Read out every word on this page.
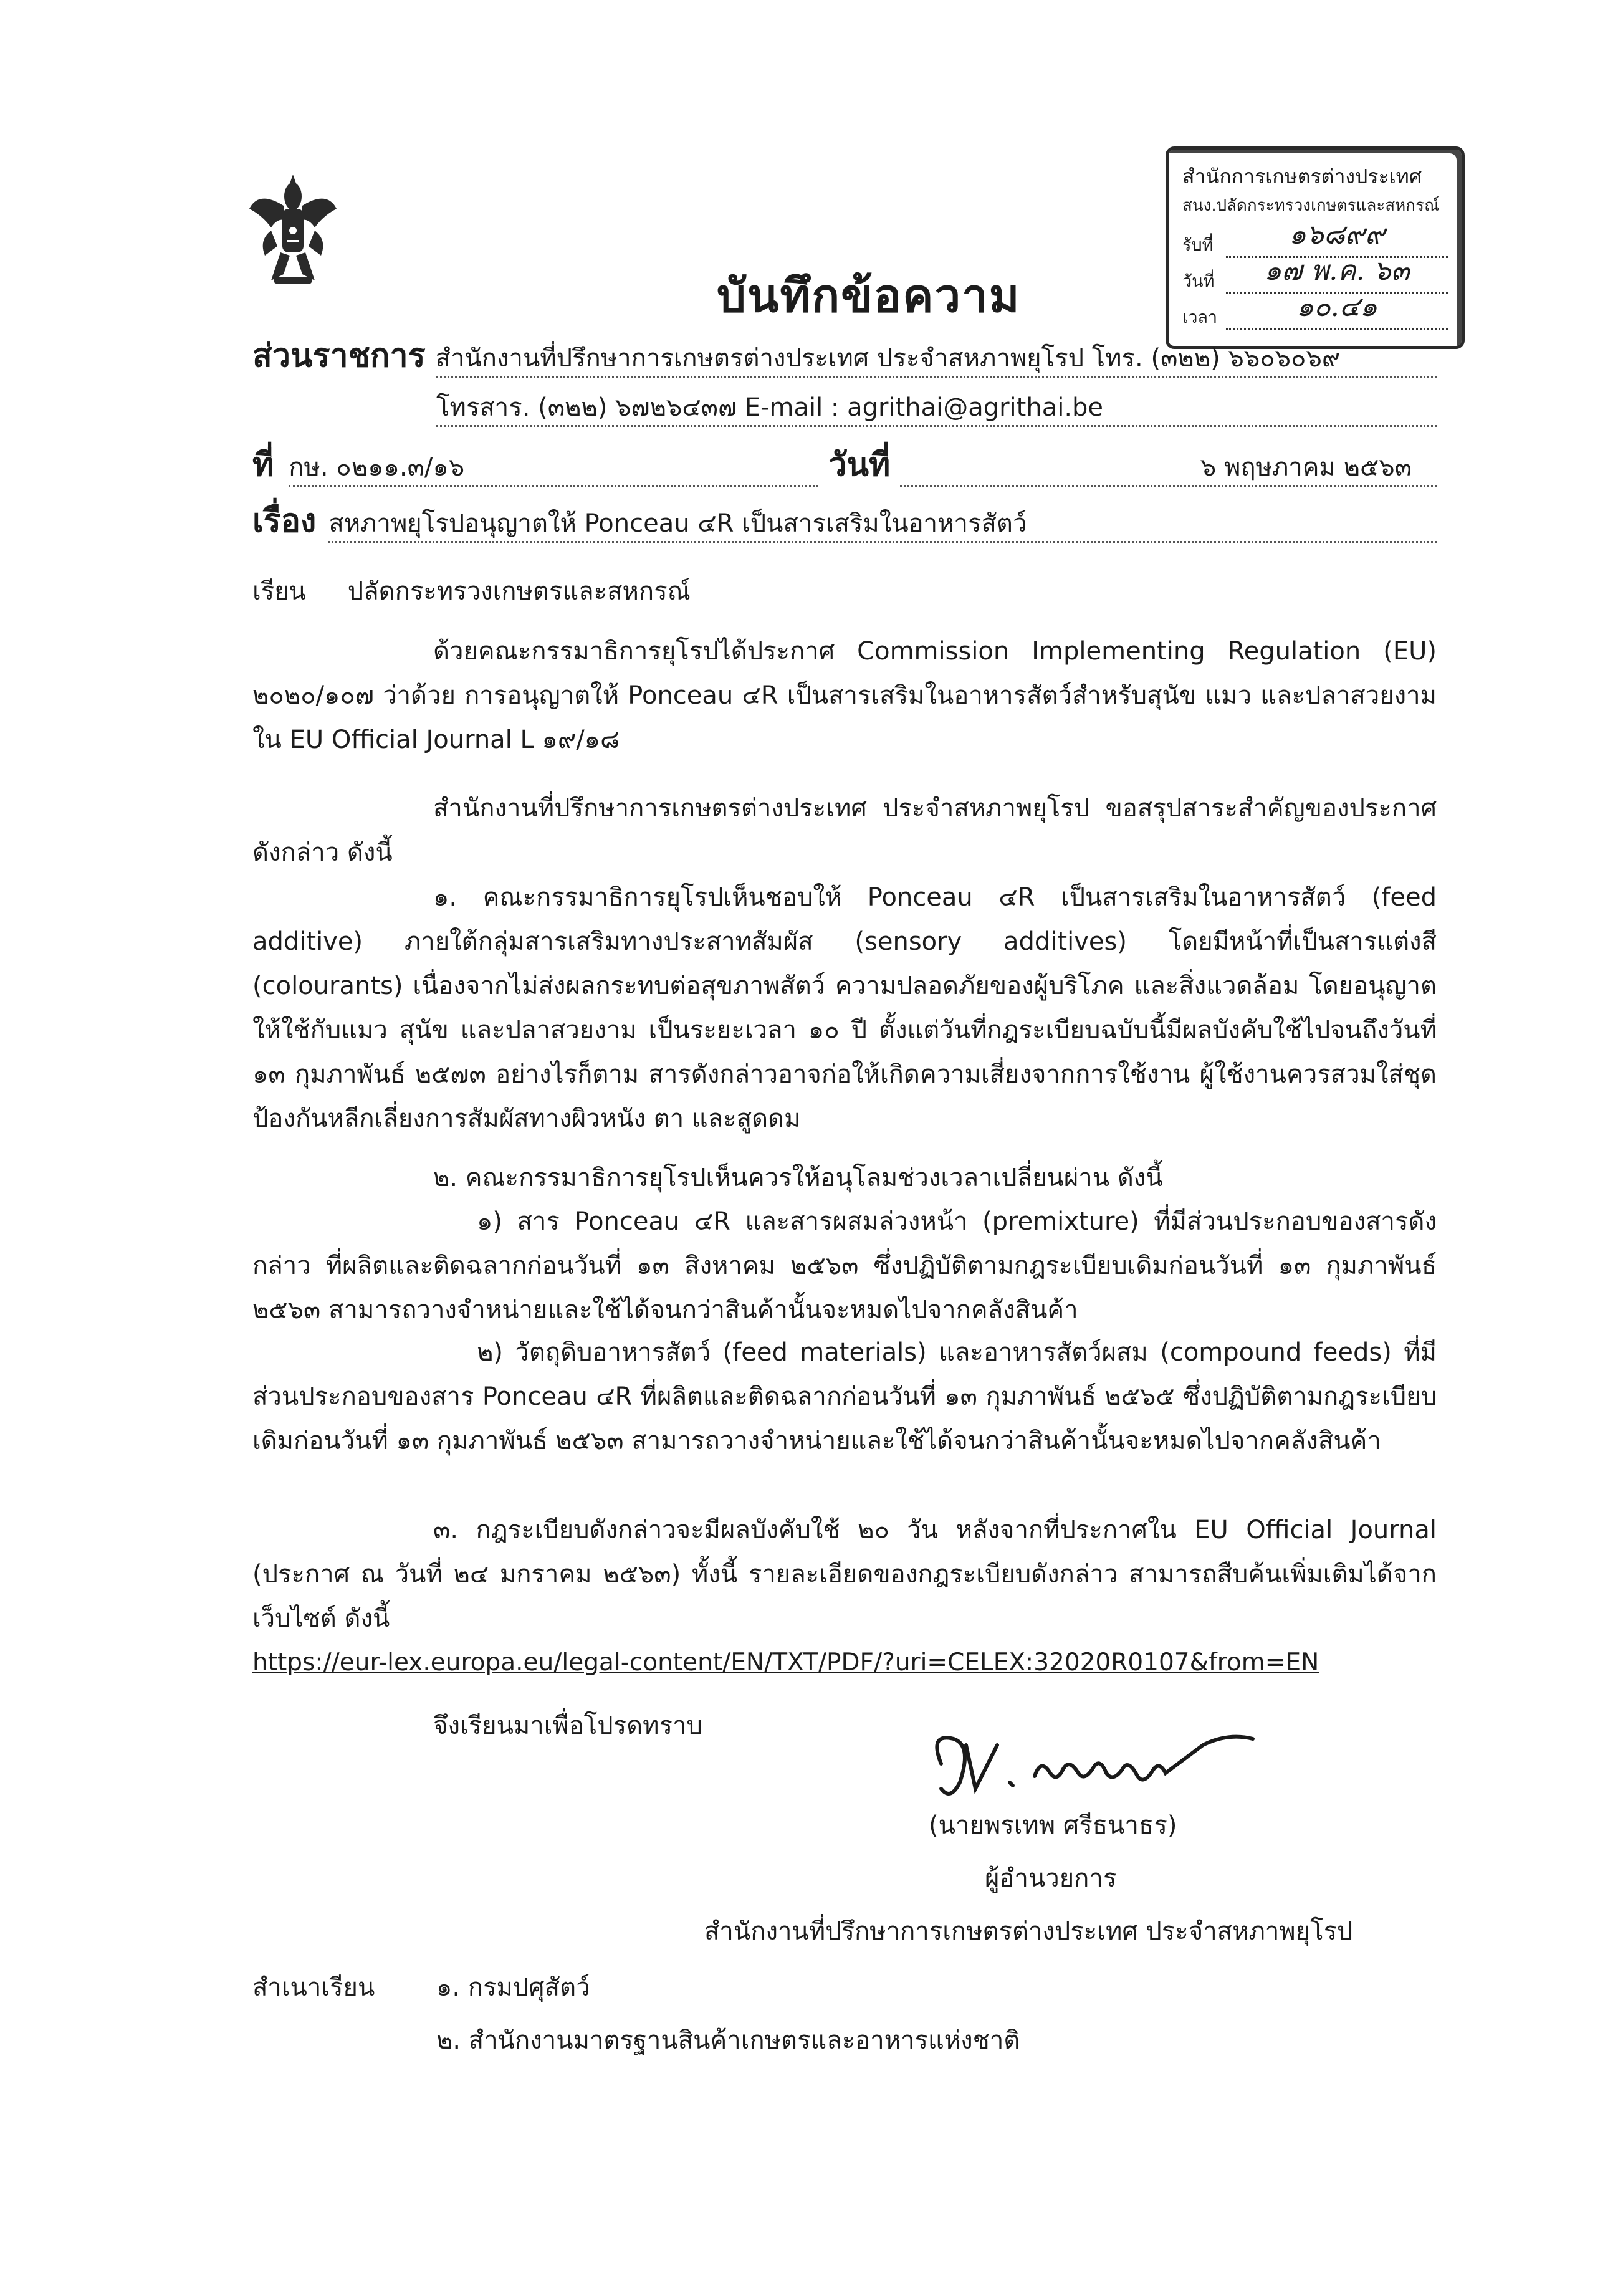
สำนักการเกษตรต่างประเทศ
สนง.ปลัดกระทรวงเกษตรและสหกรณ์
รับที่	๑๖๘๙๙
วันที่	๑๗ พ.ค. ๖๓
เวลา	๑๐.๔๑
บันทึกข้อความ
ส่วนราชการ สำนักงานที่ปรึกษาการเกษตรต่างประเทศ ประจำสหภาพยุโรป โทร. (๓๒๒) ๖๖๐๖๐๖๙
โทรสาร. (๓๒๒) ๖๗๒๖๔๓๗ E-mail : agrithai@agrithai.be
ที่ กษ. ๐๒๑๑.๓/๑๖	วันที่	๖ พฤษภาคม ๒๕๖๓
เรื่อง สหภาพยุโรปอนุญาตให้ Ponceau ๔R เป็นสารเสริมในอาหารสัตว์
เรียน ปลัดกระทรวงเกษตรและสหกรณ์
ด้วยคณะกรรมาธิการยุโรปได้ประกาศ Commission Implementing Regulation (EU) ๒๐๒๐/๑๐๗ ว่าด้วย การอนุญาตให้ Ponceau ๔R เป็นสารเสริมในอาหารสัตว์สำหรับสุนัข แมว และปลาสวยงาม ใน EU Official Journal L ๑๙/๑๘
สำนักงานที่ปรึกษาการเกษตรต่างประเทศ ประจำสหภาพยุโรป ขอสรุปสาระสำคัญของประกาศดังกล่าว ดังนี้
๑. คณะกรรมาธิการยุโรปเห็นชอบให้ Ponceau ๔R เป็นสารเสริมในอาหารสัตว์ (feed additive) ภายใต้กลุ่มสารเสริมทางประสาทสัมผัส (sensory additives) โดยมีหน้าที่เป็นสารแต่งสี (colourants) เนื่องจากไม่ส่งผลกระทบต่อสุขภาพสัตว์ ความปลอดภัยของผู้บริโภค และสิ่งแวดล้อม โดยอนุญาตให้ใช้กับแมว สุนัข และปลาสวยงาม เป็นระยะเวลา ๑๐ ปี ตั้งแต่วันที่กฎระเบียบฉบับนี้มีผลบังคับใช้ไปจนถึงวันที่ ๑๓ กุมภาพันธ์ ๒๕๗๓ อย่างไรก็ตาม สารดังกล่าวอาจก่อให้เกิดความเสี่ยงจากการใช้งาน ผู้ใช้งานควรสวมใส่ชุดป้องกันหลีกเลี่ยงการสัมผัสทางผิวหนัง ตา และสูดดม
๒. คณะกรรมาธิการยุโรปเห็นควรให้อนุโลมช่วงเวลาเปลี่ยนผ่าน ดังนี้
๑) สาร Ponceau ๔R และสารผสมล่วงหน้า (premixture) ที่มีส่วนประกอบของสารดังกล่าว ที่ผลิตและติดฉลากก่อนวันที่ ๑๓ สิงหาคม ๒๕๖๓ ซึ่งปฏิบัติตามกฎระเบียบเดิมก่อนวันที่ ๑๓ กุมภาพันธ์ ๒๕๖๓ สามารถวางจำหน่ายและใช้ได้จนกว่าสินค้านั้นจะหมดไปจากคลังสินค้า
๒) วัตถุดิบอาหารสัตว์ (feed materials) และอาหารสัตว์ผสม (compound feeds) ที่มีส่วนประกอบของสาร Ponceau ๔R ที่ผลิตและติดฉลากก่อนวันที่ ๑๓ กุมภาพันธ์ ๒๕๖๕ ซึ่งปฏิบัติตามกฎระเบียบเดิมก่อนวันที่ ๑๓ กุมภาพันธ์ ๒๕๖๓ สามารถวางจำหน่ายและใช้ได้จนกว่าสินค้านั้นจะหมดไปจากคลังสินค้า
๓. กฎระเบียบดังกล่าวจะมีผลบังคับใช้ ๒๐ วัน หลังจากที่ประกาศใน EU Official Journal (ประกาศ ณ วันที่ ๒๔ มกราคม ๒๕๖๓) ทั้งนี้ รายละเอียดของกฎระเบียบดังกล่าว สามารถสืบค้นเพิ่มเติมได้จากเว็บไซต์ ดังนี้
https://eur-lex.europa.eu/legal-content/EN/TXT/PDF/?uri=CELEX:32020R0107&from=EN
จึงเรียนมาเพื่อโปรดทราบ
(นายพรเทพ ศรีธนาธร)
ผู้อำนวยการ
สำนักงานที่ปรึกษาการเกษตรต่างประเทศ ประจำสหภาพยุโรป
สำเนาเรียน ๑. กรมปศุสัตว์
๒. สำนักงานมาตรฐานสินค้าเกษตรและอาหารแห่งชาติ
